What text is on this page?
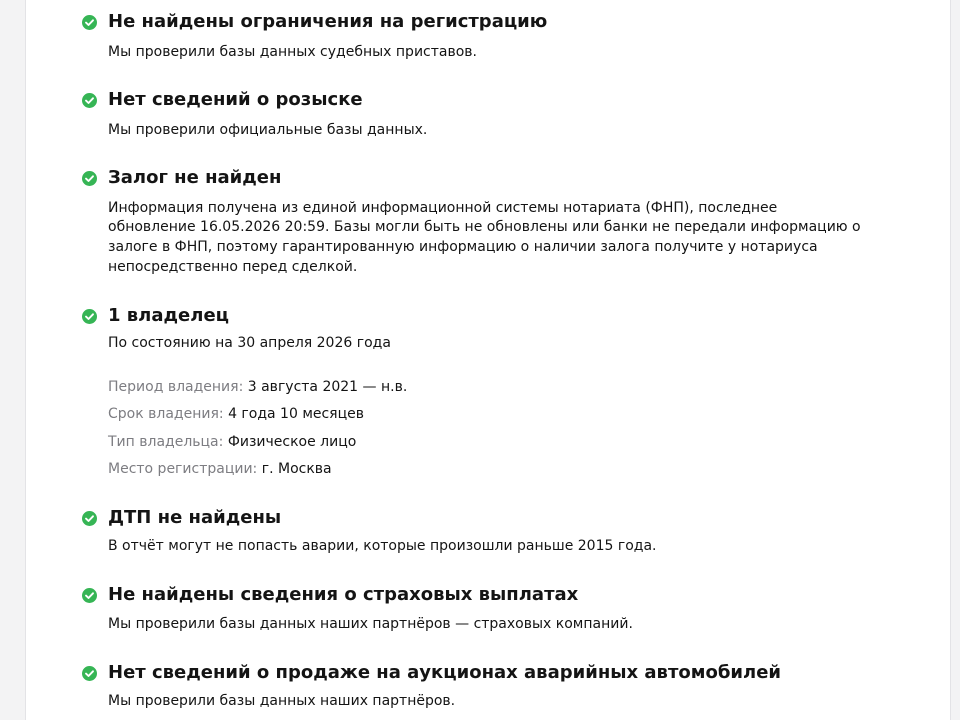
Не найдены ограничения на регистрацию
Мы проверили базы данных судебных приставов.
Нет сведений о розыске
Мы проверили официальные базы данных.
Залог не найден
Информация получена из единой информационной системы нотариата (ФНП), последнее
обновление 16.05.2026 20:59. Базы могли быть не обновлены или банки не передали информацию о
залоге в ФНП, поэтому гарантированную информацию о наличии залога получите у нотариуса
непосредственно перед сделкой.
1 владелец
По состоянию на 30 апреля 2026 года
Период владения: 3 августа 2021 — н.в.
Срок владения: 4 года 10 месяцев
Тип владельца: Физическое лицо
Место регистрации: г. Москва
ДТП не найдены
В отчёт могут не попасть аварии, которые произошли раньше 2015 года.
Не найдены сведения о страховых выплатах
Мы проверили базы данных наших партнёров — страховых компаний.
Нет сведений о продаже на аукционах аварийных автомобилей
Мы проверили базы данных наших партнёров.
